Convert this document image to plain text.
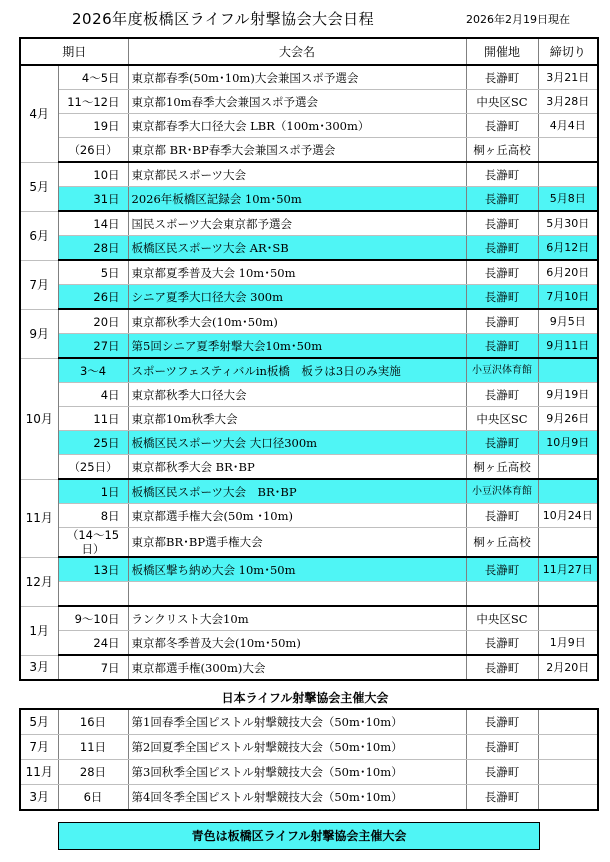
2026年度板橋区ライフル射撃協会大会日程	2026年2月19日現在
期日		大会名	開催地	締切り
4月	4～5日	東京都春季(50m･10m)大会兼国スポ予選会	長瀞町	3月21日
	11～12日	東京都10m春季大会兼国スポ予選会	中央区SC	3月28日
	19日	東京都春季大口径大会 LBR（100m･300m）	長瀞町	4月4日
	（26日）	東京都 BR･BP春季大会兼国スポ予選会	桐ヶ丘高校	
5月	10日	東京都民スポーツ大会	長瀞町	
	31日	2026年板橋区記録会 10m･50m	長瀞町	5月8日
6月	14日	国民スポーツ大会東京都予選会	長瀞町	5月30日
	28日	板橋区民スポーツ大会 AR･SB	長瀞町	6月12日
7月	5日	東京都夏季普及大会 10m･50m	長瀞町	6月20日
	26日	シニア夏季大口径大会 300m	長瀞町	7月10日
9月	20日	東京都秋季大会(10m･50m)	長瀞町	9月5日
	27日	第5回シニア夏季射撃大会10m･50m	長瀞町	9月11日
10月	3～4	スポーツフェスティバルin板橋　板ラは3日のみ実施	小豆沢体育館	
	4日	東京都秋季大口径大会	長瀞町	9月19日
	11日	東京都10m秋季大会	中央区SC	9月26日
	25日	板橋区民スポーツ大会 大口径300m	長瀞町	10月9日
	（25日）	東京都秋季大会 BR･BP	桐ヶ丘高校	
11月	1日	板橋区民スポーツ大会　BR･BP	小豆沢体育館	
	8日	東京都選手権大会(50m ･10m)	長瀞町	10月24日
	（14～15日）	東京都BR･BP選手権大会	桐ヶ丘高校	
12月	13日	板橋区撃ち納め大会 10m･50m	長瀞町	11月27日

1月	9～10日	ランクリスト大会10m	中央区SC	
	24日	東京都冬季普及大会(10m･50m)	長瀞町	1月9日
3月	7日	東京都選手権(300m)大会	長瀞町	2月20日
日本ライフル射撃協会主催大会
5月	16日	第1回春季全国ピストル射撃競技大会（50m･10m）	長瀞町	
7月	11日	第2回夏季全国ピストル射撃競技大会（50m･10m）	長瀞町	
11月	28日	第3回秋季全国ピストル射撃競技大会（50m･10m）	長瀞町	
3月	6日	第4回冬季全国ピストル射撃競技大会（50m･10m）	長瀞町	
青色は板橋区ライフル射撃協会主催大会
